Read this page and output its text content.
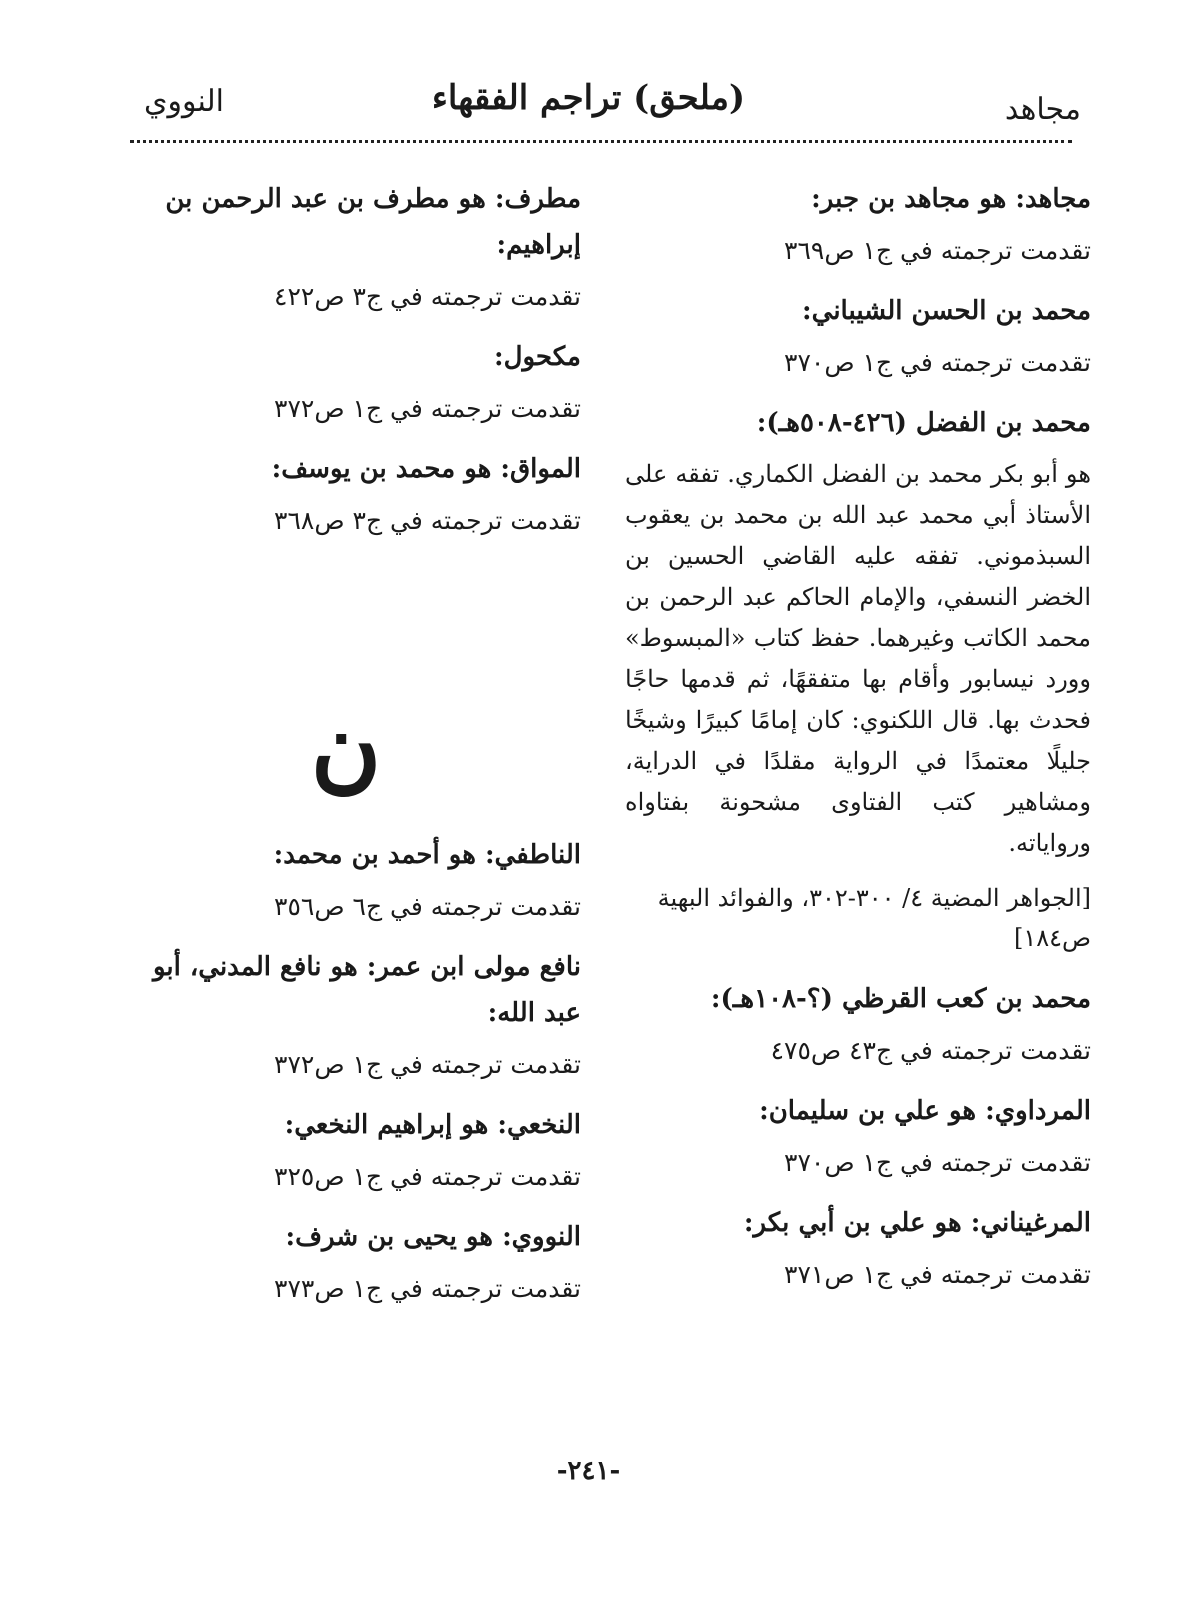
(ملحق) تراجم الفقهاء	مجاهد
النووي
مجاهد: هو مجاهد بن جبر:
تقدمت ترجمته في ج١ ص٣٦٩
محمد بن الحسن الشيباني:
تقدمت ترجمته في ج١ ص٣٧٠
محمد بن الفضل (٤٢٦-٥٠٨هـ):
هو أبو بكر محمد بن الفضل الكماري. تفقه على الأستاذ أبي محمد عبد الله بن محمد بن يعقوب السبذموني. تفقه عليه القاضي الحسين بن الخضر النسفي، والإمام الحاكم عبد الرحمن بن محمد الكاتب وغيرهما. حفظ كتاب «المبسوط» وورد نيسابور وأقام بها متفقهًا، ثم قدمها حاجًا فحدث بها. قال اللكنوي: كان إمامًا كبيرًا وشيخًا جليلًا معتمدًا في الرواية مقلدًا في الدراية، ومشاهير كتب الفتاوى مشحونة بفتاواه ورواياته.
[الجواهر المضية ٤/ ٣٠٠-٣٠٢، والفوائد البهية ص١٨٤]
محمد بن كعب القرظي (؟-١٠٨هـ):
تقدمت ترجمته في ج٤٣ ص٤٧٥
المرداوي: هو علي بن سليمان:
تقدمت ترجمته في ج١ ص٣٧٠
المرغيناني: هو علي بن أبي بكر:
تقدمت ترجمته في ج١ ص٣٧١
مطرف: هو مطرف بن عبد الرحمن بن إبراهيم:
تقدمت ترجمته في ج٣ ص٤٢٢
مكحول:
تقدمت ترجمته في ج١ ص٣٧٢
المواق: هو محمد بن يوسف:
تقدمت ترجمته في ج٣ ص٣٦٨
ن
الناطفي: هو أحمد بن محمد:
تقدمت ترجمته في ج٦ ص٣٥٦
نافع مولى ابن عمر: هو نافع المدني، أبو عبد الله:
تقدمت ترجمته في ج١ ص٣٧٢
النخعي: هو إبراهيم النخعي:
تقدمت ترجمته في ج١ ص٣٢٥
النووي: هو يحيى بن شرف:
تقدمت ترجمته في ج١ ص٣٧٣
-٢٤١-
